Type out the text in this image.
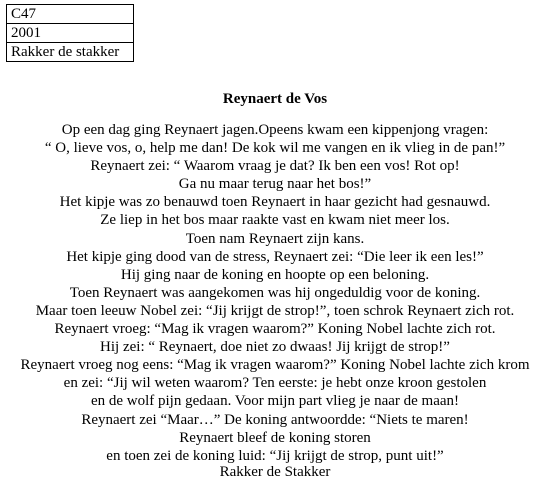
C47
2001
Rakker de stakker
Reynaert de Vos
Op een dag ging Reynaert jagen.Opeens kwam een kippenjong vragen:
“ O, lieve vos, o, help me dan! De kok wil me vangen en ik vlieg in de pan!”
Reynaert zei: “ Waarom vraag je dat? Ik ben een vos! Rot op!
Ga nu maar terug naar het bos!”
Het kipje was zo benauwd toen Reynaert in haar gezicht had gesnauwd.
Ze liep in het bos maar raakte vast en kwam niet meer los.
Toen nam Reynaert zijn kans.
Het kipje ging dood van de stress, Reynaert zei: “Die leer ik een les!”
Hij ging naar de koning en hoopte op een beloning.
Toen Reynaert was aangekomen was hij ongeduldig voor de koning.
Maar toen leeuw Nobel zei: “Jij krijgt de strop!”, toen schrok Reynaert zich rot.
Reynaert vroeg: “Mag ik vragen waarom?” Koning Nobel lachte zich rot.
Hij zei: “ Reynaert, doe niet zo dwaas! Jij krijgt de strop!”
Reynaert vroeg nog eens: “Mag ik vragen waarom?” Koning Nobel lachte zich krom
en zei: “Jij wil weten waarom? Ten eerste: je hebt onze kroon gestolen
en de wolf pijn gedaan. Voor mijn part vlieg je naar de maan!
Reynaert zei “Maar…” De koning antwoordde: “Niets te maren!
Reynaert bleef de koning storen
en toen zei de koning luid: “Jij krijgt de strop, punt uit!”
Rakker de Stakker
